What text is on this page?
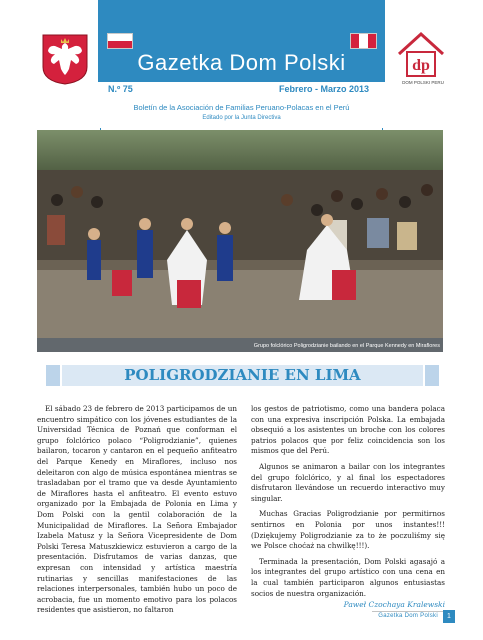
Gazetka Dom Polski
N.º 75	Febrero - Marzo 2013
Boletín de la Asociación de Familias Peruano-Polacas en el Perú
Editado por la Junta Directiva
dp
DOM POLSKI PERU
Grupo folclórico Poligrodzianie bailando en el Parque Kennedy en Miraflores
POLIGRODZIANIE EN LIMA

El sábado 23 de febrero de 2013 participamos de un encuentro simpático con los jóvenes estudiantes de la Universidad Técnica de Poznań que conforman el grupo folclórico polaco “Poligrodzianie”, quienes bailaron, tocaron y cantaron en el pequeño anfiteatro del Parque Kenedy en Miraflores, incluso nos deleitaron con algo de música espontánea mientras se trasladaban por el tramo que va desde Ayuntamiento de Miraflores hasta el anfiteatro. El evento estuvo organizado por la Embajada de Polonia en Lima y Dom Polski con la gentil colaboración de la Municipalidad de Miraflores. La Señora Embajador Izabela Matusz y la Señora Vicepresidente de Dom Polski Teresa Matuszkiewicz estuvieron a cargo de la presentación. Disfrutamos de varias danzas, que expresan con intensidad y artística maestría rutinarias y sencillas manifestaciones de las relaciones interpersonales, también hubo un poco de acrobacia, fue un momento emotivo para los polacos residentes que asistieron, no faltaron

los gestos de patriotismo, como una bandera polaca con una expresiva inscripción Polska. La embajada obsequió a los asistentes un broche con los colores patrios polacos que por feliz coincidencia son los mismos que del Perú.

Algunos se animaron a bailar con los integrantes del grupo folclórico, y al final los espectadores disfrutaron llevándose un recuerdo interactivo muy singular.

Muchas Gracias Poligrodzianie por permitirnos sentirnos en Polonia por unos instantes!!! (Dziękujemy Poligrodzianie za to że poczuliśmy się we Polsce choćaż na chwilkę!!!).

Terminada la presentación, Dom Polski agasajó a los integrantes del grupo artístico con una cena en la cual también participaron algunos entusiastas socios de nuestra organización.

Paweł Czochaya Kralewski
Gazetka Dom Polski	1
